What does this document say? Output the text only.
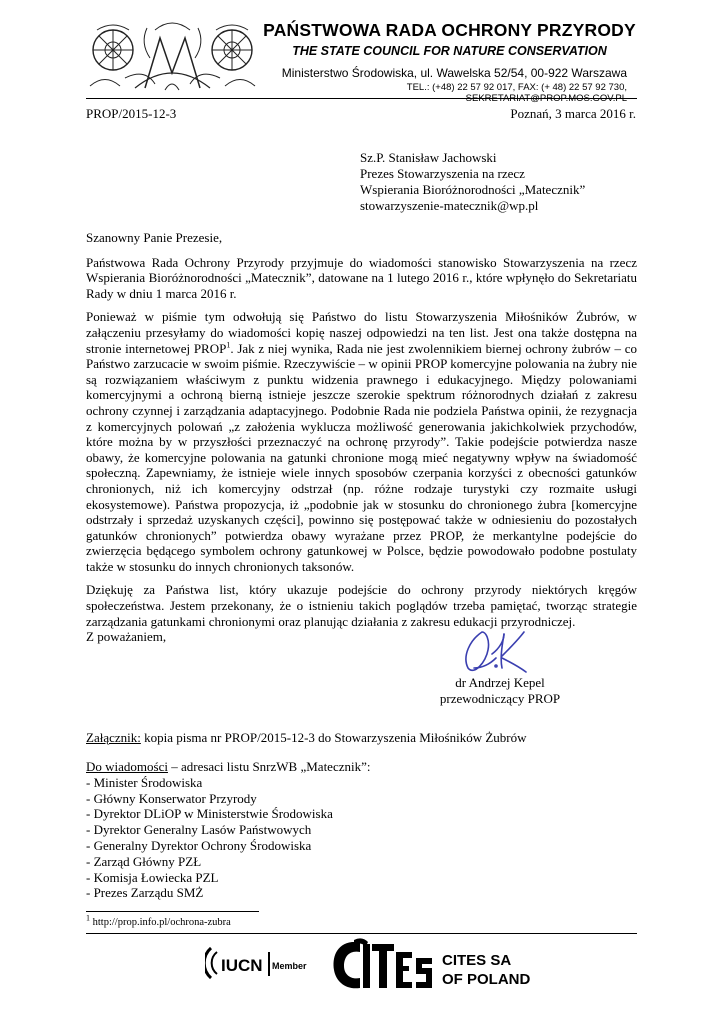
PAŃSTWOWA RADA OCHRONY PRZYRODY
THE STATE COUNCIL FOR NATURE CONSERVATION
Ministerstwo Środowiska, ul. Wawelska 52/54, 00-922 Warszawa
TEL.: (+48) 22 57 92 017, FAX: (+ 48) 22 57 92 730, SEKRETARIAT@PROP.MOS.GOV.PL
PROP/2015-12-3	Poznań, 3 marca 2016 r.
Sz.P. Stanisław Jachowski
Prezes Stowarzyszenia na rzecz
Wspierania Bioróżnorodności „Matecznik”
stowarzyszenie-matecznik@wp.pl

Szanowny Panie Prezesie,

Państwowa Rada Ochrony Przyrody przyjmuje do wiadomości stanowisko Stowarzyszenia na rzecz Wspierania Bioróżnorodności „Matecznik”, datowane na 1 lutego 2016 r., które wpłynęło do Sekretariatu Rady w dniu 1 marca 2016 r.

Ponieważ w piśmie tym odwołują się Państwo do listu Stowarzyszenia Miłośników Żubrów, w załączeniu przesyłamy do wiadomości kopię naszej odpowiedzi na ten list. Jest ona także dostępna na stronie internetowej PROP$^1$. Jak z niej wynika, Rada nie jest zwolennikiem biernej ochrony żubrów – co Państwo zarzucacie w swoim piśmie. Rzeczywiście – w opinii PROP komercyjne polowania na żubry nie są rozwiązaniem właściwym z punktu widzenia prawnego i edukacyjnego. Między polowaniami komercyjnymi a ochroną bierną istnieje jeszcze szerokie spektrum różnorodnych działań z zakresu ochrony czynnej i zarządzania adaptacyjnego. Podobnie Rada nie podziela Państwa opinii, że rezygnacja z komercyjnych polowań „z założenia wyklucza możliwość generowania jakichkolwiek przychodów, które można by w przyszłości przeznaczyć na ochronę przyrody”. Takie podejście potwierdza nasze obawy, że komercyjne polowania na gatunki chronione mogą mieć negatywny wpływ na świadomość społeczną. Zapewniamy, że istnieje wiele innych sposobów czerpania korzyści z obecności gatunków chronionych, niż ich komercyjny odstrzał (np. różne rodzaje turystyki czy rozmaite usługi ekosystemowe). Państwa propozycja, iż „podobnie jak w stosunku do chronionego żubra [komercyjne odstrzały i sprzedaż uzyskanych części], powinno się postępować także w odniesieniu do pozostałych gatunków chronionych” potwierdza obawy wyrażane przez PROP, że merkantylne podejście do zwierzęcia będącego symbolem ochrony gatunkowej w Polsce, będzie powodowało podobne postulaty także w stosunku do innych chronionych taksonów.

Dziękuję za Państwa list, który ukazuje podejście do ochrony przyrody niektórych kręgów społeczeństwa. Jestem przekonany, że o istnieniu takich poglądów trzeba pamiętać, tworząc strategie zarządzania gatunkami chronionymi oraz planując działania z zakresu edukacji przyrodniczej.

Z poważaniem,
dr Andrzej Kepel
przewodniczący PROP
Załącznik: kopia pisma nr PROP/2015-12-3 do Stowarzyszenia Miłośników Żubrów
Do wiadomości – adresaci listu SnrzWB „Matecznik”:
- Minister Środowiska
- Główny Konserwator Przyrody
- Dyrektor DLiOP w Ministerstwie Środowiska
- Dyrektor Generalny Lasów Państwowych
- Generalny Dyrektor Ochrony Środowiska
- Zarząd Główny PZŁ
- Komisja Łowiecka PZL
- Prezes Zarządu SMŻ
$^1$ http://prop.info.pl/ochrona-zubra
IUCN Member	CITES SA
OF POLAND
